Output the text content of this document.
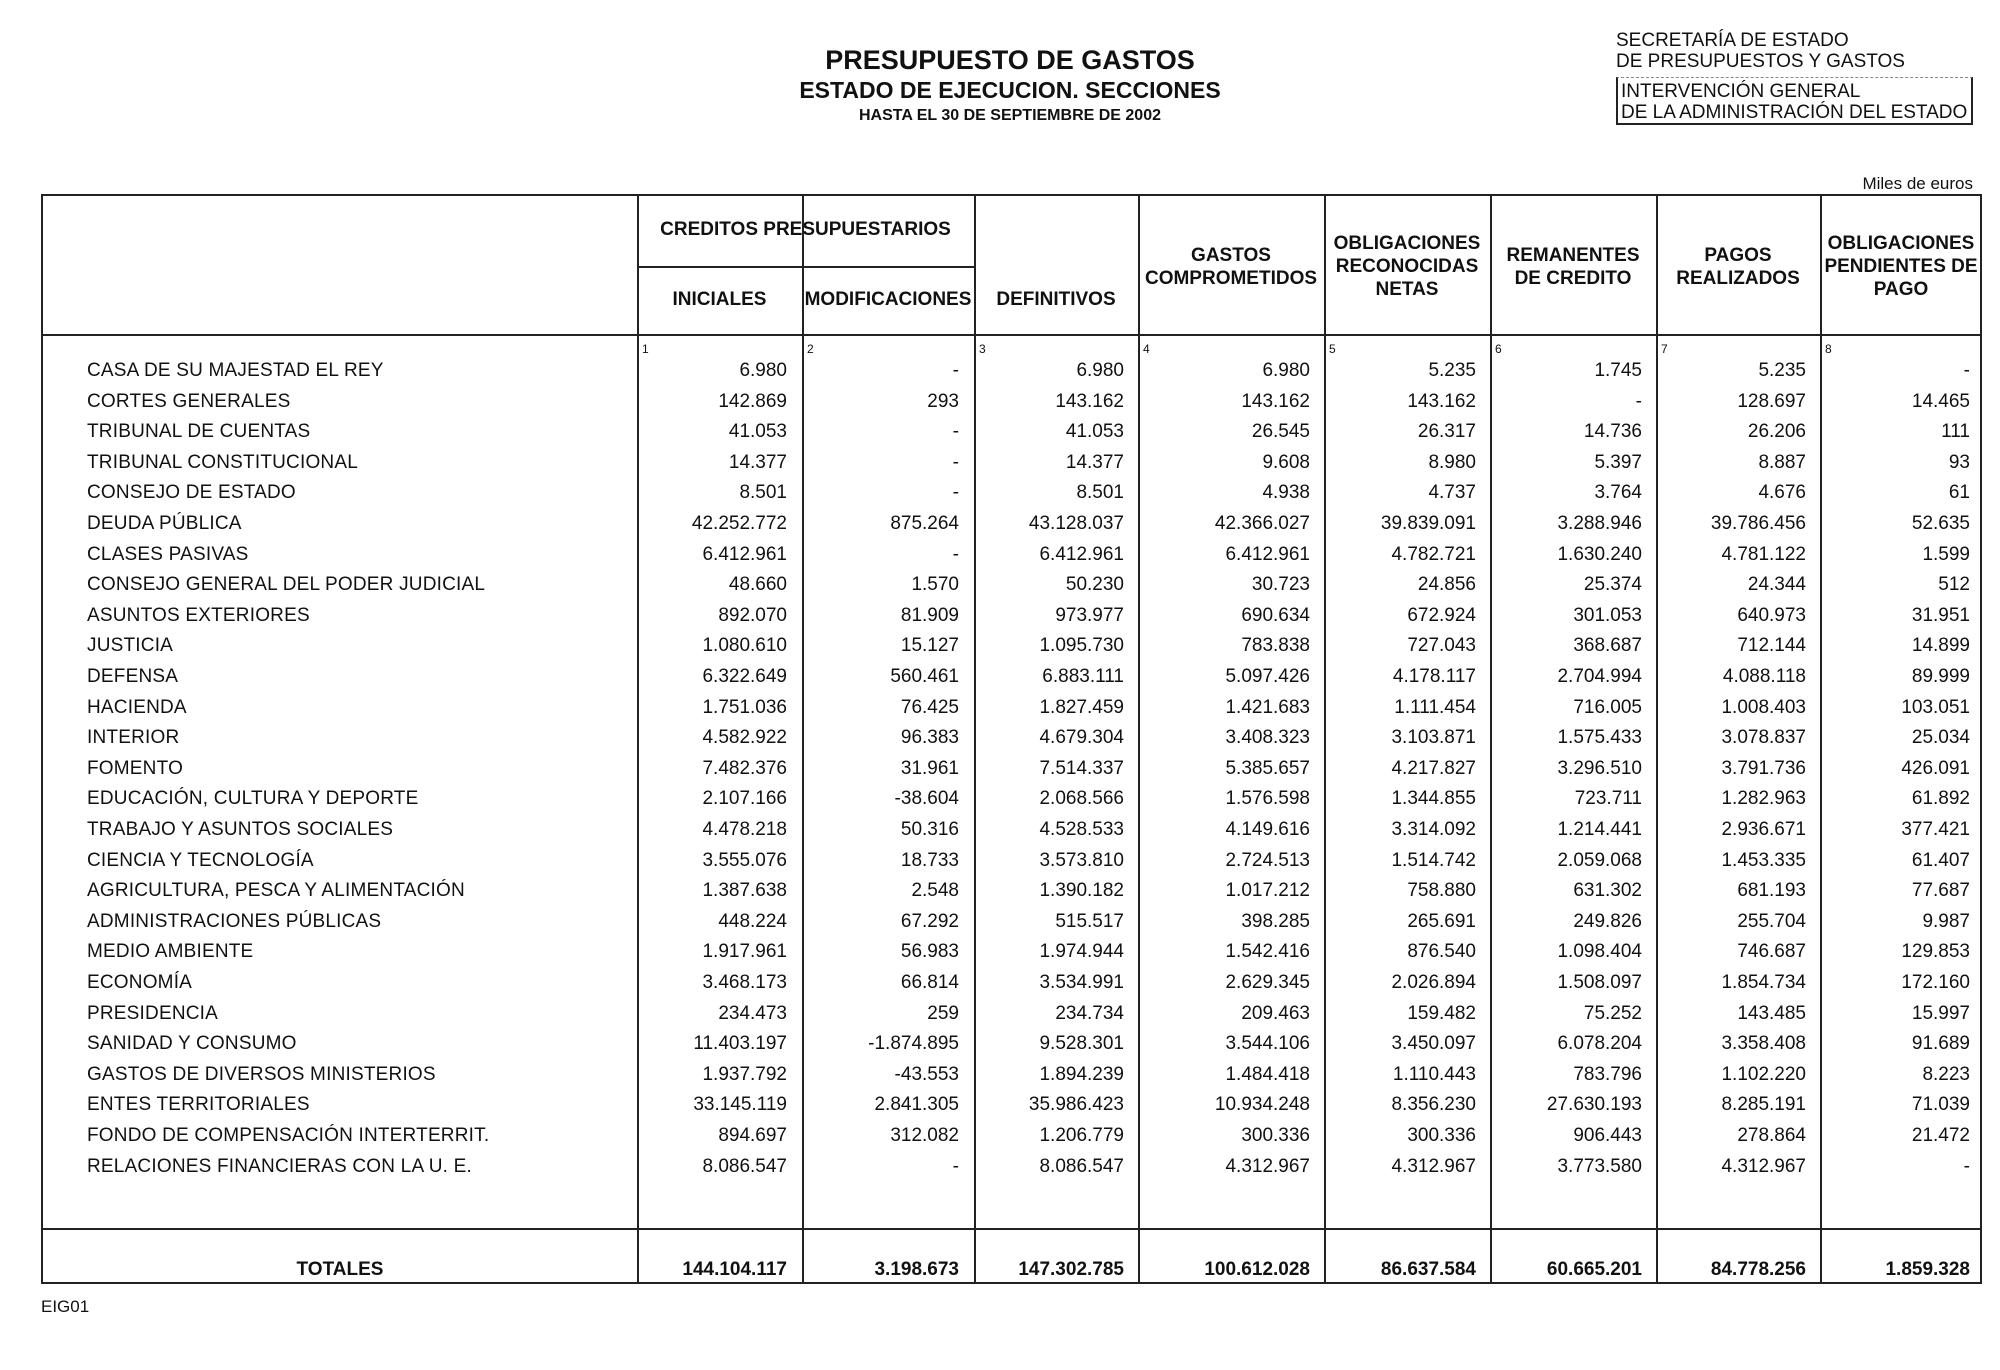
PRESUPUESTO DE GASTOS
ESTADO DE EJECUCION. SECCIONES
HASTA EL 30 DE SEPTIEMBRE DE 2002
SECRETARÍA DE ESTADO
DE PRESUPUESTOS Y GASTOS
INTERVENCIÓN GENERAL
DE LA ADMINISTRACIÓN DEL ESTADO
Miles de euros
CREDITOS PRESUPUESTARIOS
INICIALES	MODIFICACIONES	DEFINITIVOS
GASTOS
COMPROMETIDOS
OBLIGACIONES
RECONOCIDAS
NETAS
REMANENTES
DE CREDITO
PAGOS
REALIZADOS
OBLIGACIONES
PENDIENTES DE
PAGO
1	2	3	4	5	6	7	8
CASA DE SU MAJESTAD EL REY	6.980	-	6.980	6.980	5.235	1.745	5.235	-
CORTES GENERALES	142.869	293	143.162	143.162	143.162	-	128.697	14.465
TRIBUNAL DE CUENTAS	41.053	-	41.053	26.545	26.317	14.736	26.206	111
TRIBUNAL CONSTITUCIONAL	14.377	-	14.377	9.608	8.980	5.397	8.887	93
CONSEJO DE ESTADO	8.501	-	8.501	4.938	4.737	3.764	4.676	61
DEUDA PÚBLICA	42.252.772	875.264	43.128.037	42.366.027	39.839.091	3.288.946	39.786.456	52.635
CLASES PASIVAS	6.412.961	-	6.412.961	6.412.961	4.782.721	1.630.240	4.781.122	1.599
CONSEJO GENERAL DEL PODER JUDICIAL	48.660	1.570	50.230	30.723	24.856	25.374	24.344	512
ASUNTOS EXTERIORES	892.070	81.909	973.977	690.634	672.924	301.053	640.973	31.951
JUSTICIA	1.080.610	15.127	1.095.730	783.838	727.043	368.687	712.144	14.899
DEFENSA	6.322.649	560.461	6.883.111	5.097.426	4.178.117	2.704.994	4.088.118	89.999
HACIENDA	1.751.036	76.425	1.827.459	1.421.683	1.111.454	716.005	1.008.403	103.051
INTERIOR	4.582.922	96.383	4.679.304	3.408.323	3.103.871	1.575.433	3.078.837	25.034
FOMENTO	7.482.376	31.961	7.514.337	5.385.657	4.217.827	3.296.510	3.791.736	426.091
EDUCACIÓN, CULTURA Y DEPORTE	2.107.166	-38.604	2.068.566	1.576.598	1.344.855	723.711	1.282.963	61.892
TRABAJO Y ASUNTOS SOCIALES	4.478.218	50.316	4.528.533	4.149.616	3.314.092	1.214.441	2.936.671	377.421
CIENCIA Y TECNOLOGÍA	3.555.076	18.733	3.573.810	2.724.513	1.514.742	2.059.068	1.453.335	61.407
AGRICULTURA, PESCA Y ALIMENTACIÓN	1.387.638	2.548	1.390.182	1.017.212	758.880	631.302	681.193	77.687
ADMINISTRACIONES PÚBLICAS	448.224	67.292	515.517	398.285	265.691	249.826	255.704	9.987
MEDIO AMBIENTE	1.917.961	56.983	1.974.944	1.542.416	876.540	1.098.404	746.687	129.853
ECONOMÍA	3.468.173	66.814	3.534.991	2.629.345	2.026.894	1.508.097	1.854.734	172.160
PRESIDENCIA	234.473	259	234.734	209.463	159.482	75.252	143.485	15.997
SANIDAD Y CONSUMO	11.403.197	-1.874.895	9.528.301	3.544.106	3.450.097	6.078.204	3.358.408	91.689
GASTOS DE DIVERSOS MINISTERIOS	1.937.792	-43.553	1.894.239	1.484.418	1.110.443	783.796	1.102.220	8.223
ENTES TERRITORIALES	33.145.119	2.841.305	35.986.423	10.934.248	8.356.230	27.630.193	8.285.191	71.039
FONDO DE COMPENSACIÓN INTERTERRIT.	894.697	312.082	1.206.779	300.336	300.336	906.443	278.864	21.472
RELACIONES FINANCIERAS CON LA U. E.	8.086.547	-	8.086.547	4.312.967	4.312.967	3.773.580	4.312.967	-
TOTALES	144.104.117	3.198.673	147.302.785	100.612.028	86.637.584	60.665.201	84.778.256	1.859.328
EIG01
